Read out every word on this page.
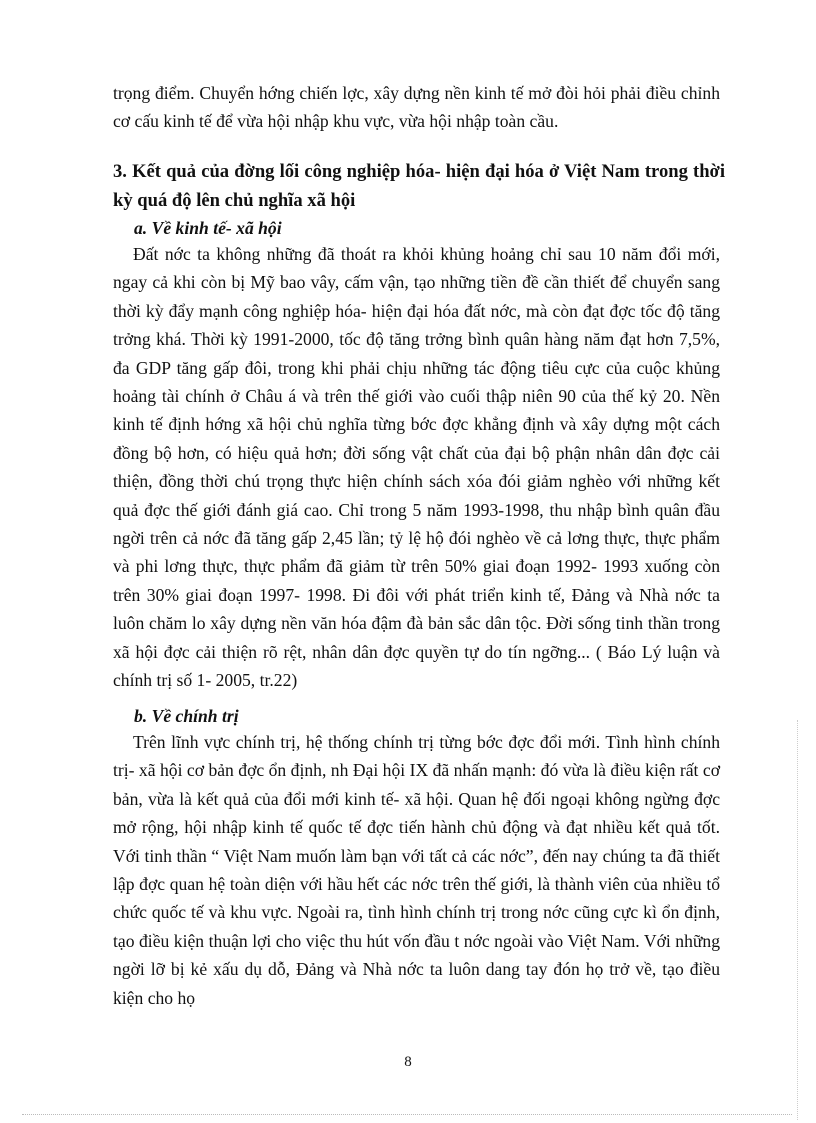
trọng điểm. Chuyển hớng chiến lợc, xây dựng nền kinh tế mở đòi hỏi phải điều chỉnh cơ cấu kinh tế để vừa hội nhập khu vực, vừa hội nhập toàn cầu.

3. Kết quả của đờng lối công nghiệp hóa- hiện đại hóa ở Việt Nam trong thời kỳ quá độ lên chủ nghĩa xã hội
a. Về kinh tế- xã hội

Đất nớc ta không những đã thoát ra khỏi khủng hoảng chỉ sau 10 năm đổi mới, ngay cả khi còn bị Mỹ bao vây, cấm vận, tạo những tiền đề cần thiết để chuyển sang thời kỳ đẩy mạnh công nghiệp hóa- hiện đại hóa đất nớc, mà còn đạt đợc tốc độ tăng trởng khá. Thời kỳ 1991-2000, tốc độ tăng trởng bình quân hàng năm đạt hơn 7,5%, đa GDP tăng gấp đôi, trong khi phải chịu những tác động tiêu cực của cuộc khủng hoảng tài chính ở Châu á và trên thế giới vào cuối thập niên 90 của thế kỷ 20. Nền kinh tế định hớng xã hội chủ nghĩa từng bớc đợc khẳng định và xây dựng một cách đồng bộ hơn, có hiệu quả hơn; đời sống vật chất của đại bộ phận nhân dân đợc cải thiện, đồng thời chú trọng thực hiện chính sách xóa đói giảm nghèo với những kết quả đợc thế giới đánh giá cao. Chỉ trong 5 năm 1993-1998, thu nhập bình quân đầu ngời trên cả nớc đã tăng gấp 2,45 lần; tỷ lệ hộ đói nghèo về cả lơng thực, thực phẩm và phi lơng thực, thực phẩm đã giảm từ trên 50% giai đoạn 1992- 1993 xuống còn trên 30% giai đoạn 1997- 1998. Đi đôi với phát triển kinh tế, Đảng và Nhà nớc ta luôn chăm lo xây dựng nền văn hóa đậm đà bản sắc dân tộc. Đời sống tinh thần trong xã hội đợc cải thiện rõ rệt, nhân dân đợc quyền tự do tín ngỡng... ( Báo Lý luận và chính trị số 1- 2005, tr.22)

b. Về chính trị

Trên lĩnh vực chính trị, hệ thống chính trị từng bớc đợc đổi mới. Tình hình chính trị- xã hội cơ bản đợc ổn định, nh Đại hội IX đã nhấn mạnh: đó vừa là điều kiện rất cơ bản, vừa là kết quả của đổi mới kinh tế- xã hội. Quan hệ đối ngoại không ngừng đợc mở rộng, hội nhập kinh tế quốc tế đợc tiến hành chủ động và đạt nhiều kết quả tốt. Với tinh thần “ Việt Nam muốn làm bạn với tất cả các nớc”, đến nay chúng ta đã thiết lập đợc quan hệ toàn diện với hầu hết các nớc trên thế giới, là thành viên của nhiều tổ chức quốc tế và khu vực. Ngoài ra, tình hình chính trị trong nớc cũng cực kì ổn định, tạo điều kiện thuận lợi cho việc thu hút vốn đầu t nớc ngoài vào Việt Nam. Với những ngời lỡ bị kẻ xấu dụ dỗ, Đảng và Nhà nớc ta luôn dang tay đón họ trở về, tạo điều kiện cho họ

8
